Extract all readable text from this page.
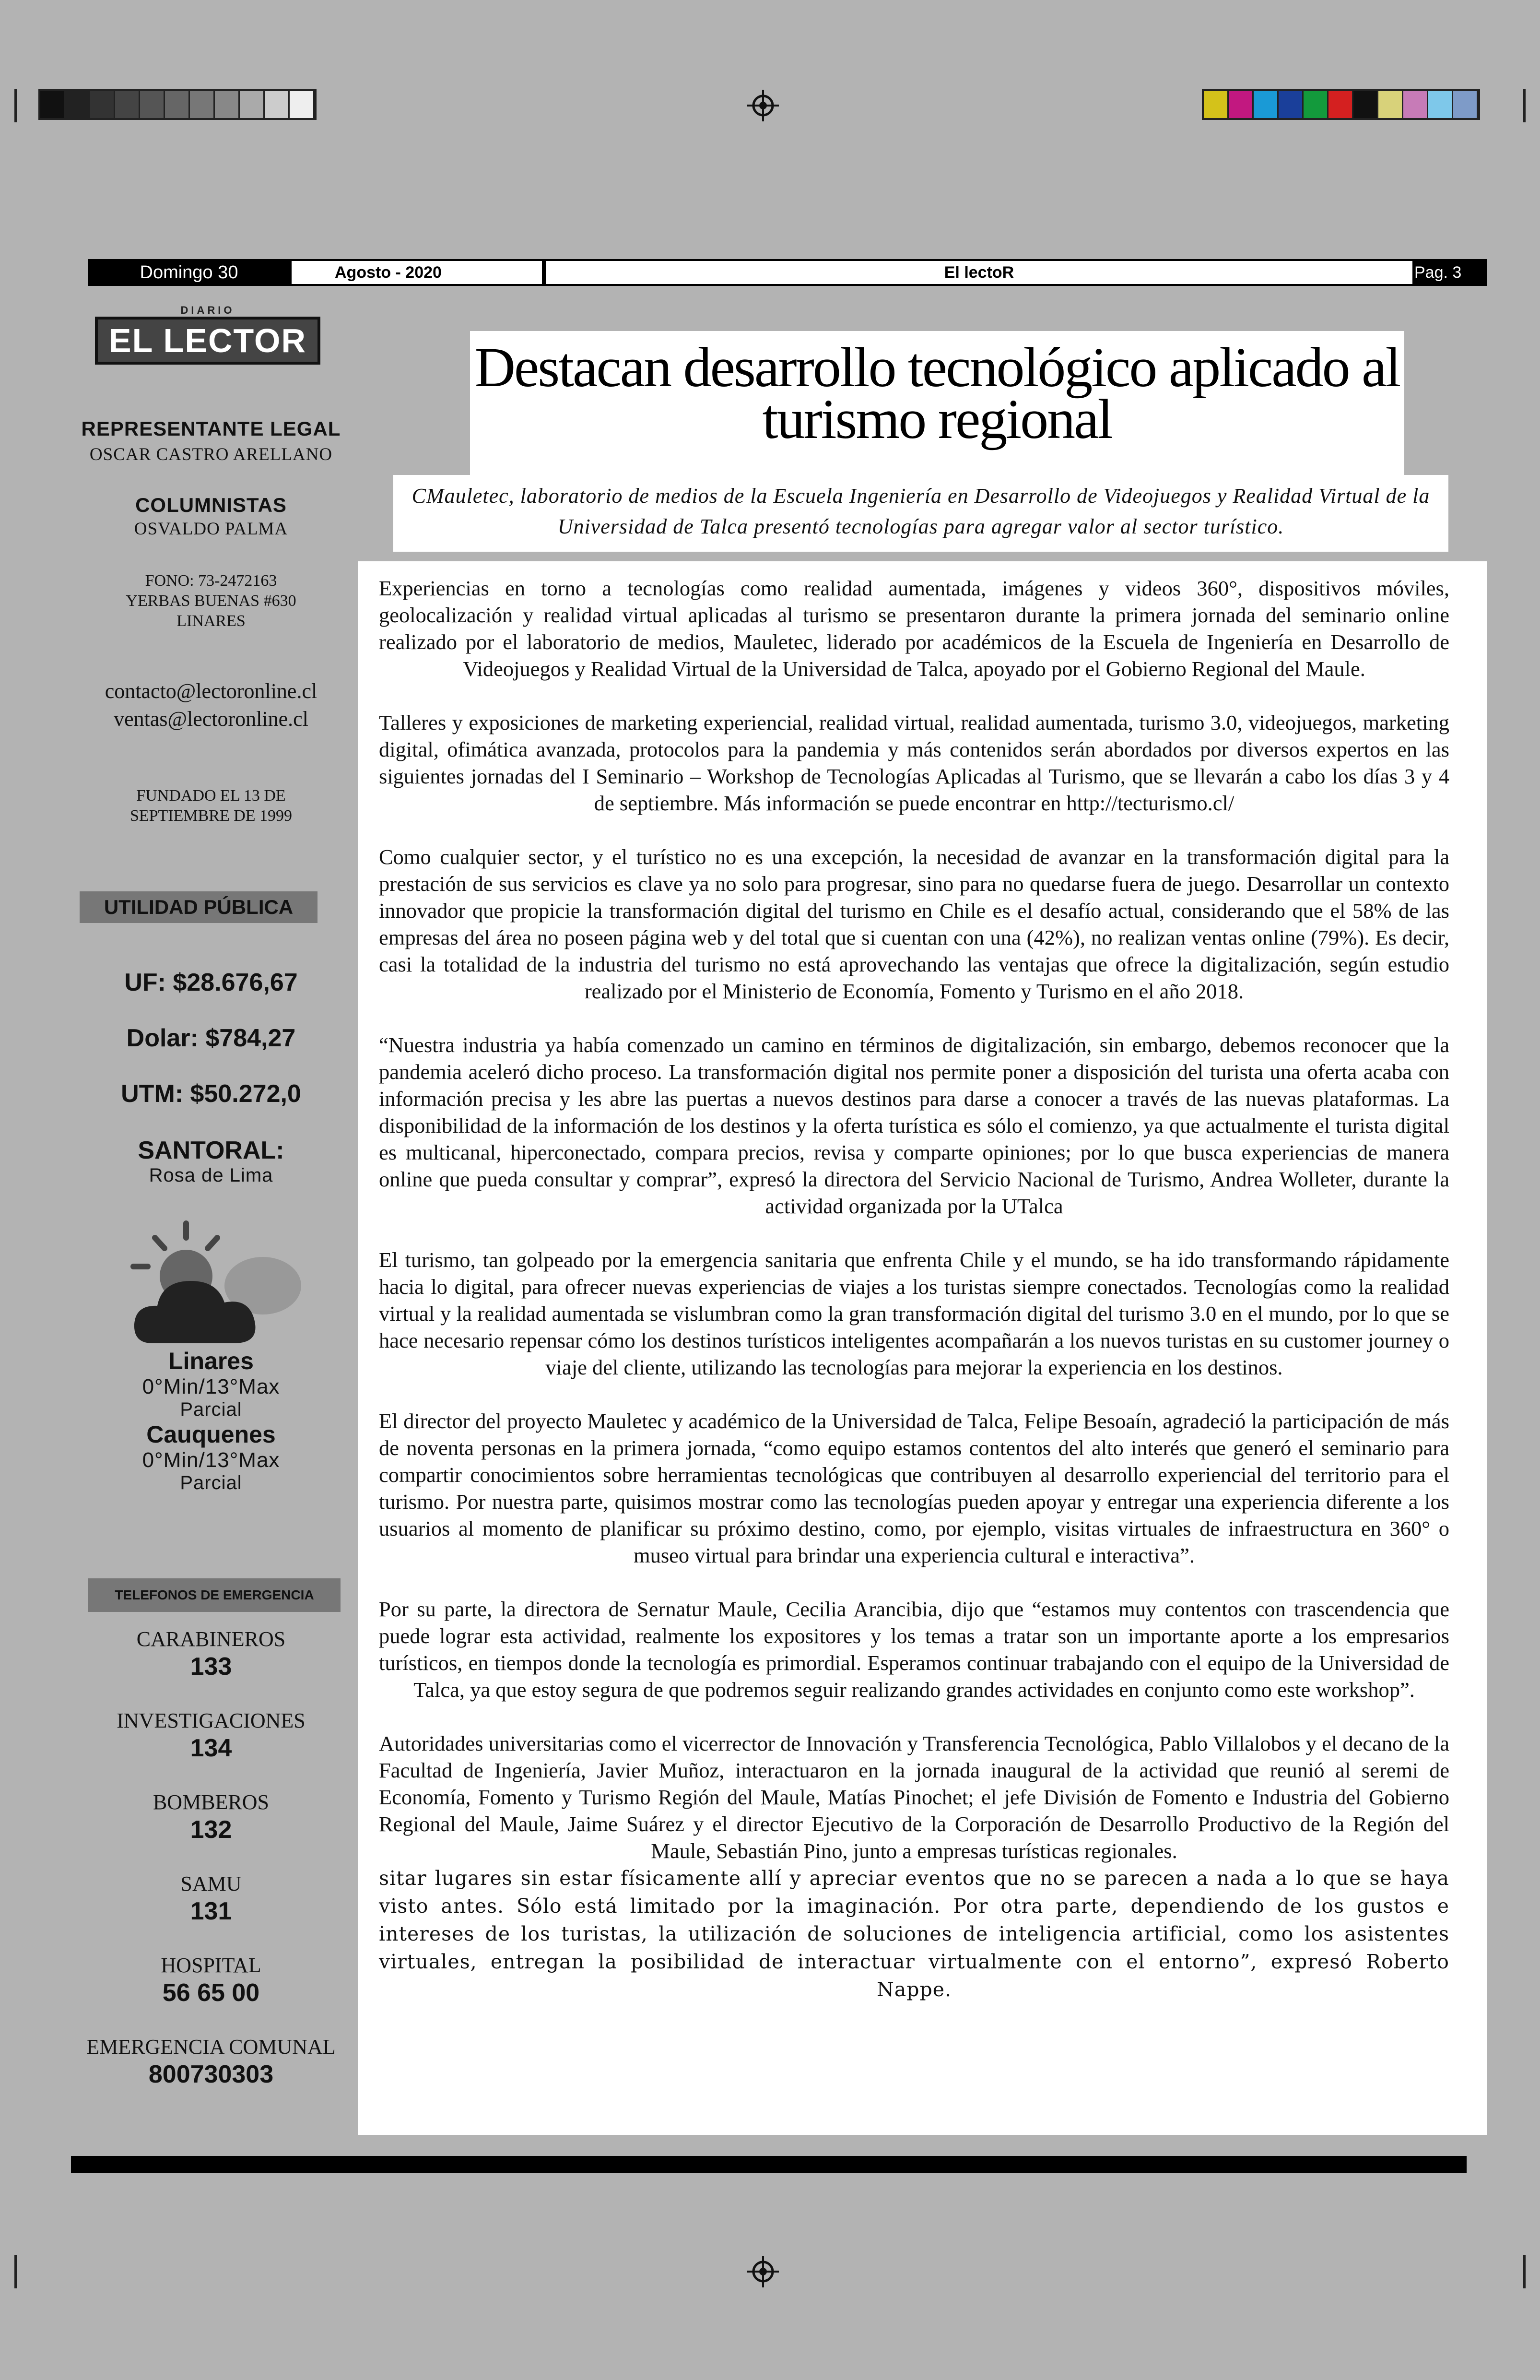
Domingo 30	Agosto - 2020	El lectoR	Pag. 3
DIARIO
EL LECTOR
REPRESENTANTE LEGAL
OSCAR CASTRO ARELLANO
COLUMNISTAS
OSVALDO PALMA
FONO: 73-2472163
YERBAS BUENAS #630
LINARES
contacto@lectoronline.cl
ventas@lectoronline.cl
FUNDADO EL 13 DE
SEPTIEMBRE DE 1999
UTILIDAD PÚBLICA
UF: $28.676,67
Dolar: $784,27
UTM: $50.272,0
SANTORAL:
Rosa de Lima
Linares
0°Min/13°Max
Parcial
Cauquenes
0°Min/13°Max
Parcial
TELEFONOS DE EMERGENCIA
CARABINEROS
133
INVESTIGACIONES
134
BOMBEROS
132
SAMU
131
HOSPITAL
56 65 00
EMERGENCIA COMUNAL
800730303
Destacan desarrollo tecnológico aplicado al turismo regional
CMauletec, laboratorio de medios de la Escuela Ingeniería en Desarrollo de Videojuegos y Realidad Virtual de la Universidad de Talca presentó tecnologías para agregar valor al sector turístico.

Experiencias en torno a tecnologías como realidad aumentada, imágenes y videos 360°, dispositivos móviles, geolocalización y realidad virtual aplicadas al turismo se presentaron durante la primera jornada del seminario online realizado por el laboratorio de medios, Mauletec, liderado por académicos de la Escuela de Ingeniería en Desarrollo de Videojuegos y Realidad Virtual de la Universidad de Talca, apoyado por el Gobierno Regional del Maule.

Talleres y exposiciones de marketing experiencial, realidad virtual, realidad aumentada, turismo 3.0, videojuegos, marketing digital, ofimática avanzada, protocolos para la pandemia y más contenidos serán abordados por diversos expertos en las siguientes jornadas del I Seminario – Workshop de Tecnologías Aplicadas al Turismo, que se llevarán a cabo los días 3 y 4 de septiembre. Más información se puede encontrar en http://tecturismo.cl/

Como cualquier sector, y el turístico no es una excepción, la necesidad de avanzar en la transformación digital para la prestación de sus servicios es clave ya no solo para progresar, sino para no quedarse fuera de juego. Desarrollar un contexto innovador que propicie la transformación digital del turismo en Chile es el desafío actual, considerando que el 58% de las empresas del área no poseen página web y del total que si cuentan con una (42%), no realizan ventas online (79%). Es decir, casi la totalidad de la industria del turismo no está aprovechando las ventajas que ofrece la digitalización, según estudio realizado por el Ministerio de Economía, Fomento y Turismo en el año 2018.

“Nuestra industria ya había comenzado un camino en términos de digitalización, sin embargo, debemos reconocer que la pandemia aceleró dicho proceso. La transformación digital nos permite poner a disposición del turista una oferta acaba con información precisa y les abre las puertas a nuevos destinos para darse a conocer a través de las nuevas plataformas. La disponibilidad de la información de los destinos y la oferta turística es sólo el comienzo, ya que actualmente el turista digital es multicanal, hiperconectado, compara precios, revisa y comparte opiniones; por lo que busca experiencias de manera online que pueda consultar y comprar”, expresó la directora del Servicio Nacional de Turismo, Andrea Wolleter, durante la actividad organizada por la UTalca

El turismo, tan golpeado por la emergencia sanitaria que enfrenta Chile y el mundo, se ha ido transformando rápidamente hacia lo digital, para ofrecer nuevas experiencias de viajes a los turistas siempre conectados. Tecnologías como la realidad virtual y la realidad aumentada se vislumbran como la gran transformación digital del turismo 3.0 en el mundo, por lo que se hace necesario repensar cómo los destinos turísticos inteligentes acompañarán a los nuevos turistas en su customer journey o viaje del cliente, utilizando las tecnologías para mejorar la experiencia en los destinos.

El director del proyecto Mauletec y académico de la Universidad de Talca, Felipe Besoaín, agradeció la participación de más de noventa personas en la primera jornada, “como equipo estamos contentos del alto interés que generó el seminario para compartir conocimientos sobre herramientas tecnológicas que contribuyen al desarrollo experiencial del territorio para el turismo. Por nuestra parte, quisimos mostrar como las tecnologías pueden apoyar y entregar una experiencia diferente a los usuarios al momento de planificar su próximo destino, como, por ejemplo, visitas virtuales de infraestructura en 360° o museo virtual para brindar una experiencia cultural e interactiva”.

Por su parte, la directora de Sernatur Maule, Cecilia Arancibia, dijo que “estamos muy contentos con trascendencia que puede lograr esta actividad, realmente los expositores y los temas a tratar son un importante aporte a los empresarios turísticos, en tiempos donde la tecnología es primordial. Esperamos continuar trabajando con el equipo de la Universidad de Talca, ya que estoy segura de que podremos seguir realizando grandes actividades en conjunto como este workshop”.

Autoridades universitarias como el vicerrector de Innovación y Transferencia Tecnológica, Pablo Villalobos y el decano de la Facultad de Ingeniería, Javier Muñoz, interactuaron en la jornada inaugural de la actividad que reunió al seremi de Economía, Fomento y Turismo Región del Maule, Matías Pinochet; el jefe División de Fomento e Industria del Gobierno Regional del Maule, Jaime Suárez y el director Ejecutivo de la Corporación de Desarrollo Productivo de la Región del Maule, Sebastián Pino, junto a empresas turísticas regionales.

sitar lugares sin estar físicamente allí y apreciar eventos que no se parecen a nada a lo que se haya visto antes. Sólo está limitado por la imaginación. Por otra parte, dependiendo de los gustos e intereses de los turistas, la utilización de soluciones de inteligencia artificial, como los asistentes virtuales, entregan la posibilidad de interactuar virtualmente con el entorno”, expresó Roberto Nappe.
